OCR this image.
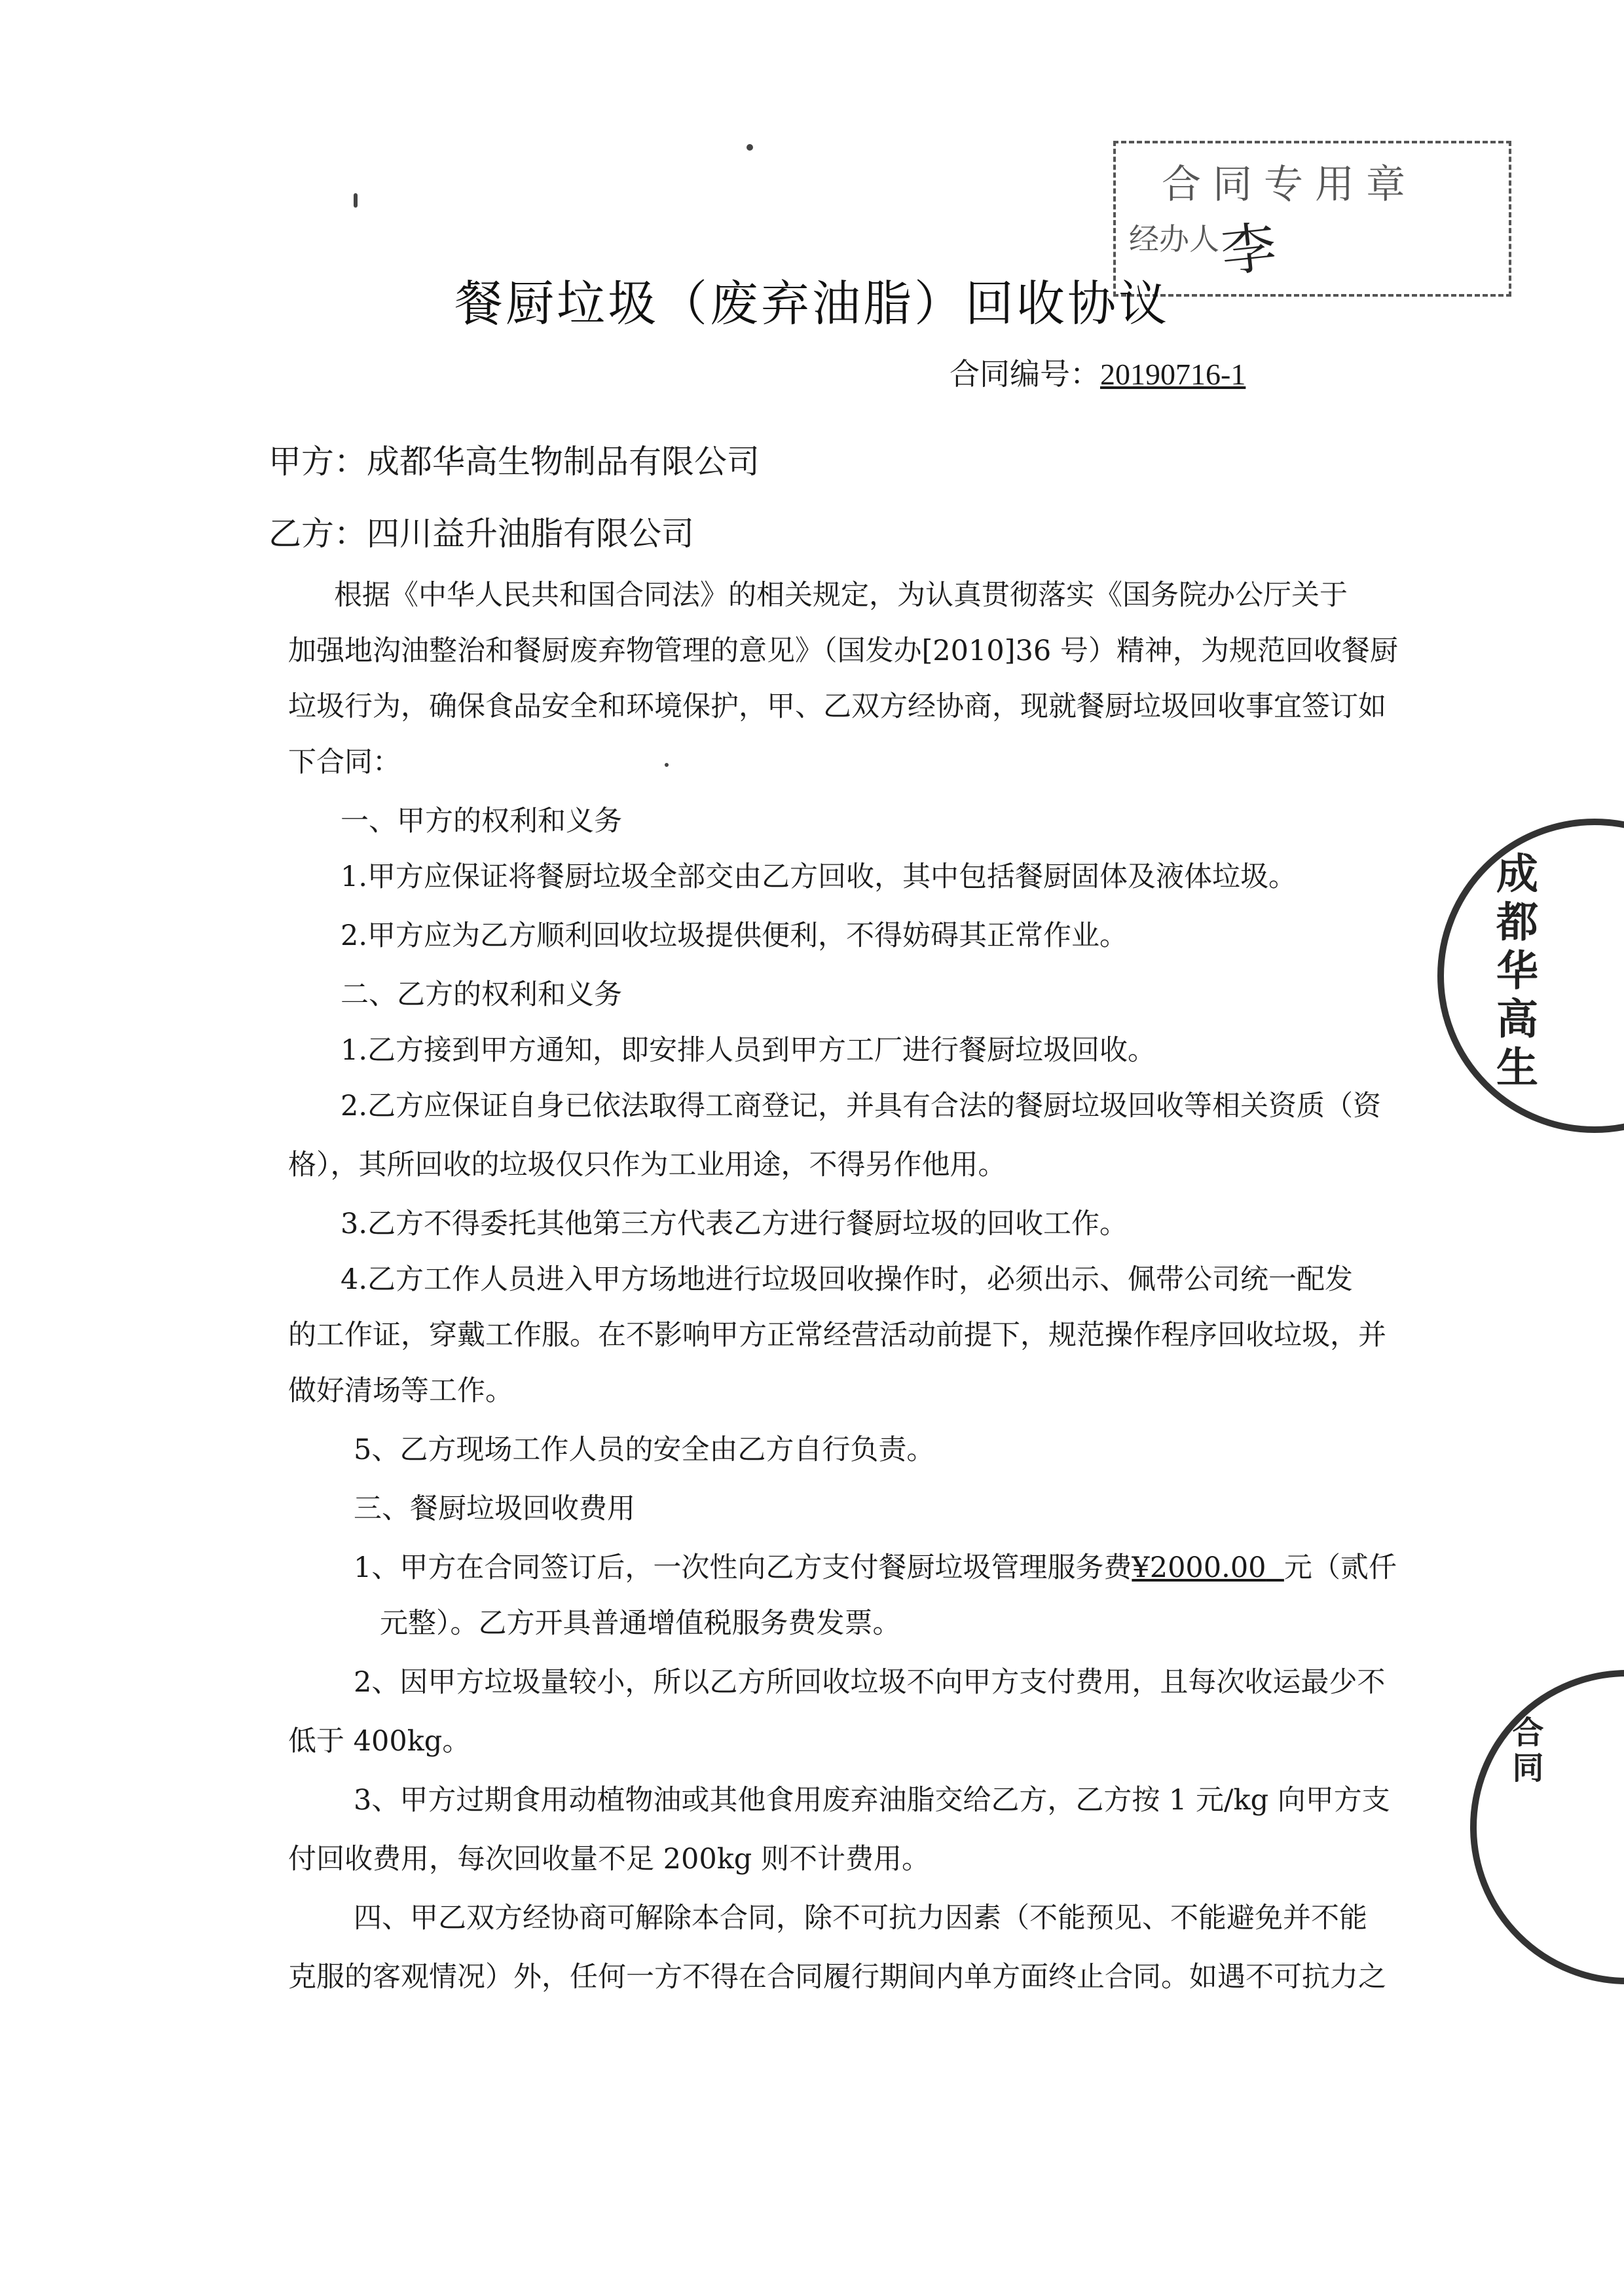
合同专用章
经办人
李
餐厨垃圾（废弃油脂）回收协议
合同编号：20190716-1
甲方：成都华高生物制品有限公司
乙方：四川益升油脂有限公司
根据《中华人民共和国合同法》的相关规定，为认真贯彻落实《国务院办公厅关于
加强地沟油整治和餐厨废弃物管理的意见》（国发办[2010]36 号）精神，为规范回收餐厨
垃圾行为，确保食品安全和环境保护，甲、乙双方经协商，现就餐厨垃圾回收事宜签订如
下合同：
一、甲方的权利和义务
1.甲方应保证将餐厨垃圾全部交由乙方回收，其中包括餐厨固体及液体垃圾。
2.甲方应为乙方顺利回收垃圾提供便利，不得妨碍其正常作业。
二、乙方的权利和义务
1.乙方接到甲方通知，即安排人员到甲方工厂进行餐厨垃圾回收。
2.乙方应保证自身已依法取得工商登记，并具有合法的餐厨垃圾回收等相关资质（资
格），其所回收的垃圾仅只作为工业用途，不得另作他用。
3.乙方不得委托其他第三方代表乙方进行餐厨垃圾的回收工作。
4.乙方工作人员进入甲方场地进行垃圾回收操作时，必须出示、佩带公司统一配发
的工作证，穿戴工作服。在不影响甲方正常经营活动前提下，规范操作程序回收垃圾，并
做好清场等工作。
5、乙方现场工作人员的安全由乙方自行负责。
三、餐厨垃圾回收费用
1、甲方在合同签订后，一次性向乙方支付餐厨垃圾管理服务费¥2000.00 元（贰仟
元整）。乙方开具普通增值税服务费发票。
2、因甲方垃圾量较小，所以乙方所回收垃圾不向甲方支付费用，且每次收运最少不
低于 400kg。
3、甲方过期食用动植物油或其他食用废弃油脂交给乙方，乙方按 1 元/kg 向甲方支
付回收费用，每次回收量不足 200kg 则不计费用。
四、甲乙双方经协商可解除本合同，除不可抗力因素（不能预见、不能避免并不能
克服的客观情况）外，任何一方不得在合同履行期间内单方面终止合同。如遇不可抗力之
成都华高生
合同
